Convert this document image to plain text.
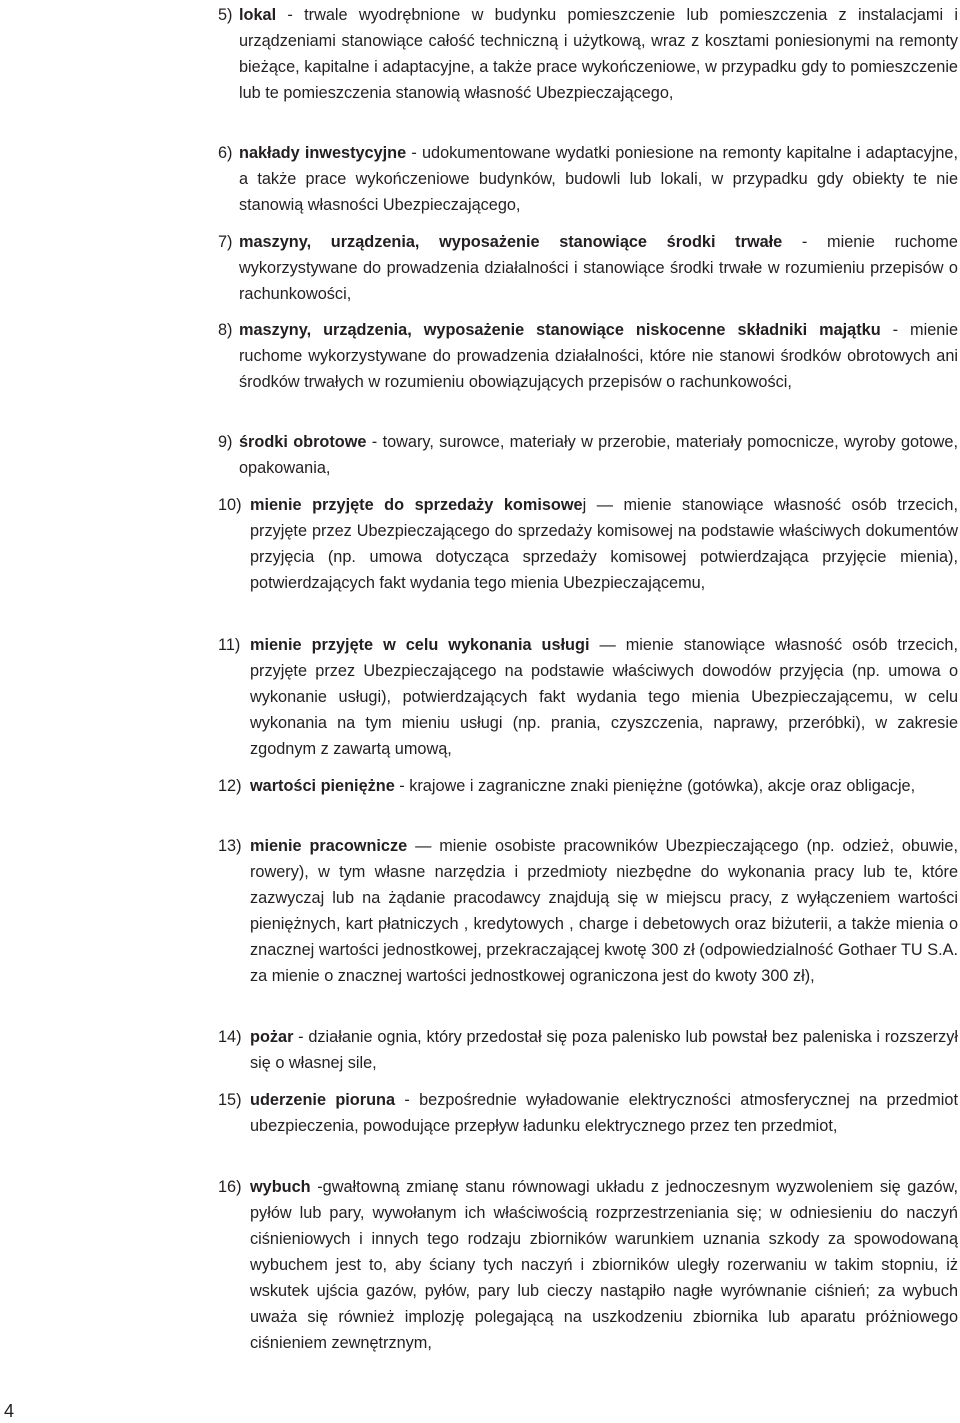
5) lokal - trwale wyodrębnione w budynku pomieszczenie lub pomieszczenia z instalacjami i urządzeniami stanowiące całość techniczną i użytkową, wraz z kosztami poniesionymi na remonty bieżące, kapitalne i adaptacyjne, a także prace wykończeniowe, w przypadku gdy to pomieszczenie lub te pomieszczenia stanowią własność Ubezpieczającego,
6) nakłady inwestycyjne - udokumentowane wydatki poniesione na remonty kapitalne i adaptacyjne, a także prace wykończeniowe budynków, budowli lub lokali, w przypadku gdy obiekty te nie stanowią własności Ubezpieczającego,
7) maszyny, urządzenia, wyposażenie stanowiące środki trwałe - mienie ruchome wykorzystywane do prowadzenia działalności i stanowiące środki trwałe w rozumieniu przepisów o rachunkowości,
8) maszyny, urządzenia, wyposażenie stanowiące niskocenne składniki majątku - mienie ruchome wykorzystywane do prowadzenia działalności, które nie stanowi środków obrotowych ani środków trwałych w rozumieniu obowiązujących przepisów o rachunkowości,
9) środki obrotowe - towary, surowce, materiały w przerobie, materiały pomocnicze, wyroby gotowe, opakowania,
10) mienie przyjęte do sprzedaży komisowej — mienie stanowiące własność osób trzecich, przyjęte przez Ubezpieczającego do sprzedaży komisowej na podstawie właściwych dokumentów przyjęcia (np. umowa dotycząca sprzedaży komisowej potwierdzająca przyjęcie mienia), potwierdzających fakt wydania tego mienia Ubezpieczającemu,
11) mienie przyjęte w celu wykonania usługi — mienie stanowiące własność osób trzecich, przyjęte przez Ubezpieczającego na podstawie właściwych dowodów przyjęcia (np. umowa o wykonanie usługi), potwierdzających fakt wydania tego mienia Ubezpieczającemu, w celu wykonania na tym mieniu usługi (np. prania, czyszczenia, naprawy, przeróbki), w zakresie zgodnym z zawartą umową,
12) wartości pieniężne - krajowe i zagraniczne znaki pieniężne (gotówka), akcje oraz obligacje,
13) mienie pracownicze — mienie osobiste pracowników Ubezpieczającego (np. odzież, obuwie, rowery), w tym własne narzędzia i przedmioty niezbędne do wykonania pracy lub te, które zazwyczaj lub na żądanie pracodawcy znajdują się w miejscu pracy, z wyłączeniem wartości pieniężnych, kart płatniczych , kredytowych , charge i debetowych oraz biżuterii, a także mienia o znacznej wartości jednostkowej, przekraczającej kwotę 300 zł (odpowiedzialność Gothaer TU S.A. za mienie o znacznej wartości jednostkowej ograniczona jest do kwoty 300 zł),
14) pożar - działanie ognia, który przedostał się poza palenisko lub powstał bez paleniska i rozszerzył się o własnej sile,
15) uderzenie pioruna - bezpośrednie wyładowanie elektryczności atmosferycznej na przedmiot ubezpieczenia, powodujące przepływ ładunku elektrycznego przez ten przedmiot,
16) wybuch -gwałtowną zmianę stanu równowagi układu z jednoczesnym wyzwoleniem się gazów, pyłów lub pary, wywołanym ich właściwością rozprzestrzeniania się; w odniesieniu do naczyń ciśnieniowych i innych tego rodzaju zbiorników warunkiem uznania szkody za spowodowaną wybuchem jest to, aby ściany tych naczyń i zbiorników uległy rozerwaniu w takim stopniu, iż wskutek ujścia gazów, pyłów, pary lub cieczy nastąpiło nagłe wyrównanie ciśnień; za wybuch uważa się również implozję polegającą na uszkodzeniu zbiornika lub aparatu próżniowego ciśnieniem zewnętrznym,
4
